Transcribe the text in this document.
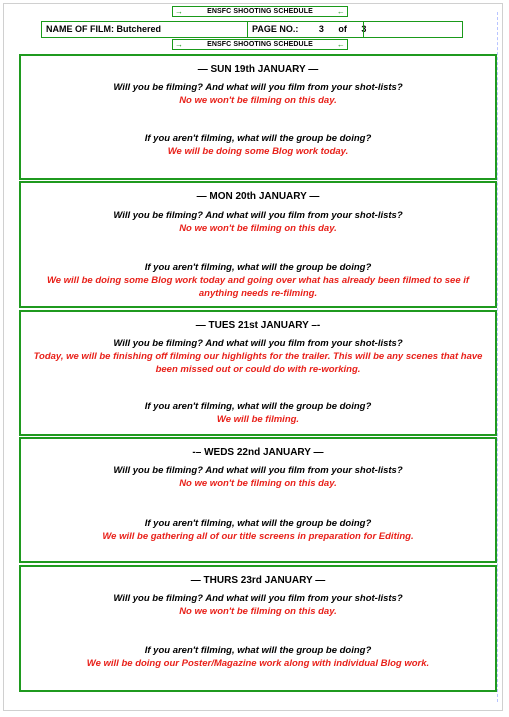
→	ENSFC SHOOTING SCHEDULE	←
NAME OF FILM: Butchered	PAGE NO.: 3 of 3
→	ENSFC SHOOTING SCHEDULE	←
— SUN 19th JANUARY —
Will you be filming? And what will you film from your shot-lists?
No we won't be filming on this day.
If you aren't filming, what will the group be doing?
We will be doing some Blog work today.
— MON 20th JANUARY —
Will you be filming? And what will you film from your shot-lists?
No we won't be filming on this day.
If you aren't filming, what will the group be doing?
We will be doing some Blog work today and going over what has already been filmed to see if anything needs re-filming.
— TUES 21st JANUARY –-
Will you be filming? And what will you film from your shot-lists?
Today, we will be finishing off filming our highlights for the trailer. This will be any scenes that have been missed out or could do with re-working.
If you aren't filming, what will the group be doing?
We will be filming.
-– WEDS 22nd JANUARY —
Will you be filming? And what will you film from your shot-lists?
No we won't be filming on this day.
If you aren't filming, what will the group be doing?
We will be gathering all of our title screens in preparation for Editing.
— THURS 23rd JANUARY —
Will you be filming? And what will you film from your shot-lists?
No we won't be filming on this day.
If you aren't filming, what will the group be doing?
We will be doing our Poster/Magazine work along with individual Blog work.
